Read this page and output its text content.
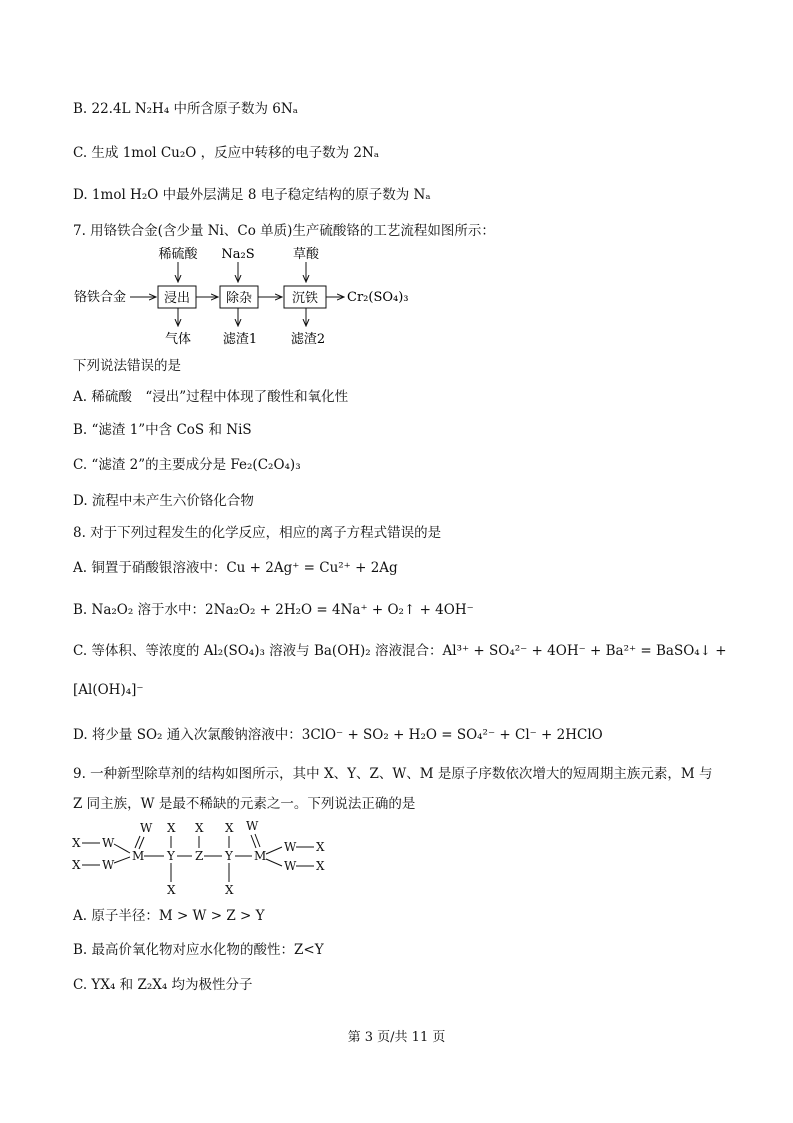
B. 22.4L N₂H₄ 中所含原子数为 6Nₐ
C. 生成 1mol Cu₂O ，反应中转移的电子数为 2Nₐ
D. 1mol H₂O 中最外层满足 8 电子稳定结构的原子数为 Nₐ
7. 用铬铁合金(含少量 Ni、Co 单质)生产硫酸铬的工艺流程如图所示：
稀硫酸 Na₂S	草酸
铬铁合金	浸出	除杂	沉铁 Cr₂(SO₄)₃
气体 滤渣1	滤渣2
下列说法错误的是
A. 稀硫酸　“浸出”过程中体现了酸性和氧化性
B. “滤渣 1”中含 CoS 和 NiS
C. “滤渣 2”的主要成分是 Fe₂(C₂O₄)₃
D. 流程中未产生六价铬化合物
8. 对于下列过程发生的化学反应，相应的离子方程式错误的是
A. 铜置于硝酸银溶液中：Cu + 2Ag⁺ = Cu²⁺ + 2Ag
B. Na₂O₂ 溶于水中：2Na₂O₂ + 2H₂O = 4Na⁺ + O₂↑ + 4OH⁻
C. 等体积、等浓度的 Al₂(SO₄)₃ 溶液与 Ba(OH)₂ 溶液混合：Al³⁺ + SO₄²⁻ + 4OH⁻ + Ba²⁺ = BaSO₄↓ +
[Al(OH)₄]⁻
D. 将少量 SO₂ 通入次氯酸钠溶液中：3ClO⁻ + SO₂ + H₂O = SO₄²⁻ + Cl⁻ + 2HClO
9. 一种新型除草剂的结构如图所示，其中 X、Y、Z、W、M 是原子序数依次增大的短周期主族元素，M 与
Z 同主族，W 是最不稀缺的元素之一。下列说法正确的是
X W
X W
M
W X
Y
X
X
Z
X
Y
X
W
M
W X
W X
A. 原子半径：M > W > Z > Y
B. 最高价氧化物对应水化物的酸性：Z<Y
C. YX₄ 和 Z₂X₄ 均为极性分子
第 3 页/共 11 页
